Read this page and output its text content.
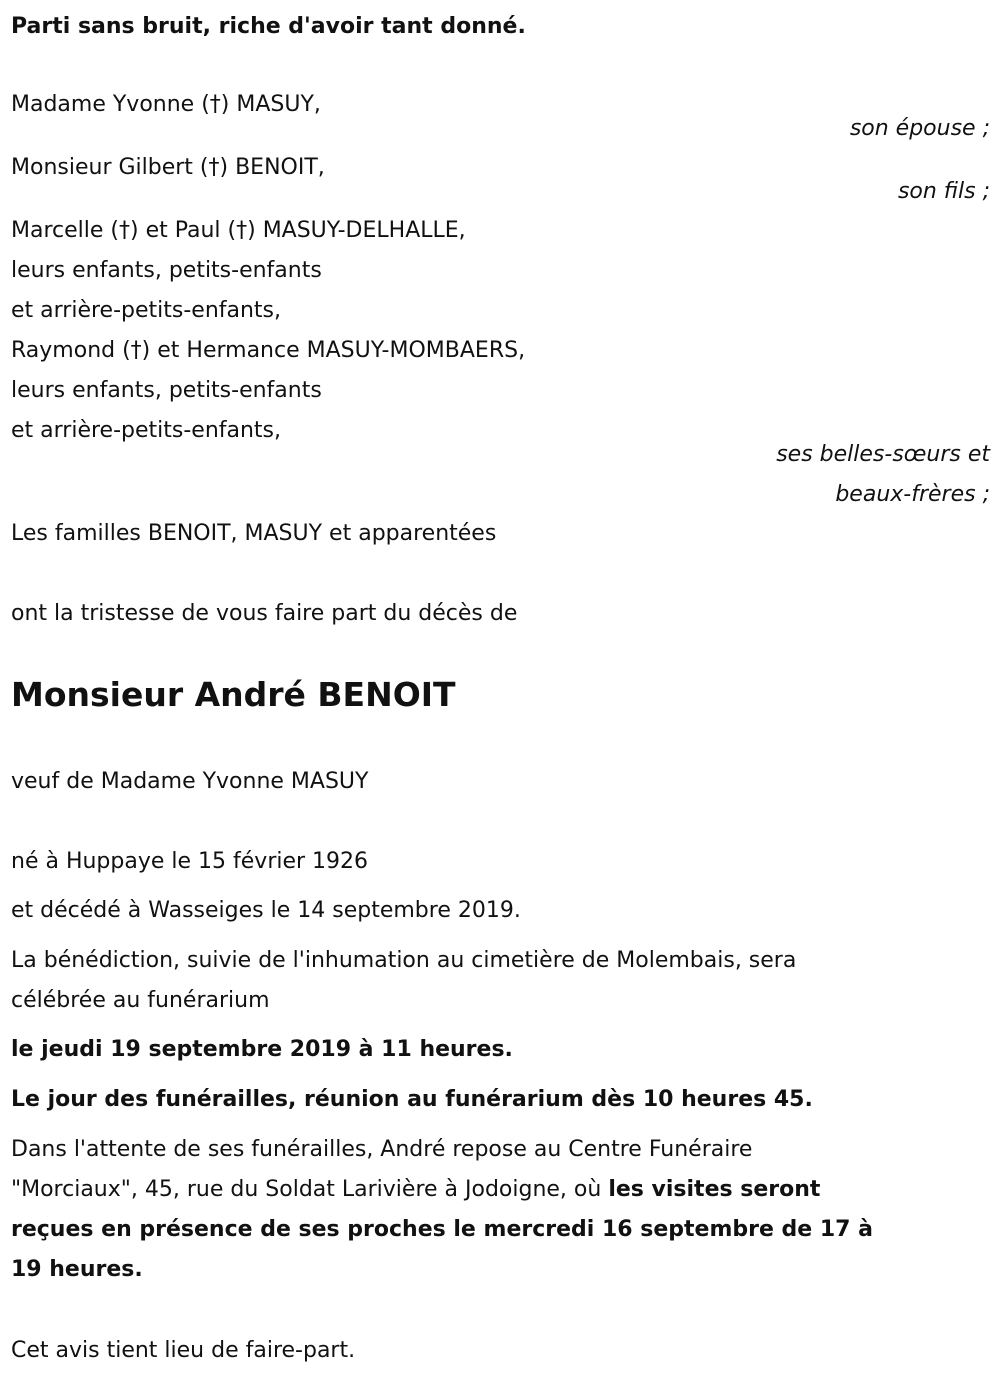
Parti sans bruit, riche d'avoir tant donné.
Madame Yvonne (†) MASUY,
son épouse ;
Monsieur Gilbert (†) BENOIT,
son fils ;
Marcelle (†) et Paul (†) MASUY-DELHALLE,
leurs enfants, petits-enfants
et arrière-petits-enfants,
Raymond (†) et Hermance MASUY-MOMBAERS,
leurs enfants, petits-enfants
et arrière-petits-enfants,
ses belles-sœurs et
beaux-frères ;
Les familles BENOIT, MASUY et apparentées
ont la tristesse de vous faire part du décès de
Monsieur André BENOIT
veuf de Madame Yvonne MASUY
né à Huppaye le 15 février 1926
et décédé à Wasseiges le 14 septembre 2019.
La bénédiction, suivie de l'inhumation au cimetière de Molembais, sera
célébrée au funérarium
le jeudi 19 septembre 2019 à 11 heures.
Le jour des funérailles, réunion au funérarium dès 10 heures 45.
Dans l'attente de ses funérailles, André repose au Centre Funéraire
"Morciaux", 45, rue du Soldat Larivière à Jodoigne, où les visites seront
reçues en présence de ses proches le mercredi 16 septembre de 17 à
19 heures.
Cet avis tient lieu de faire-part.
